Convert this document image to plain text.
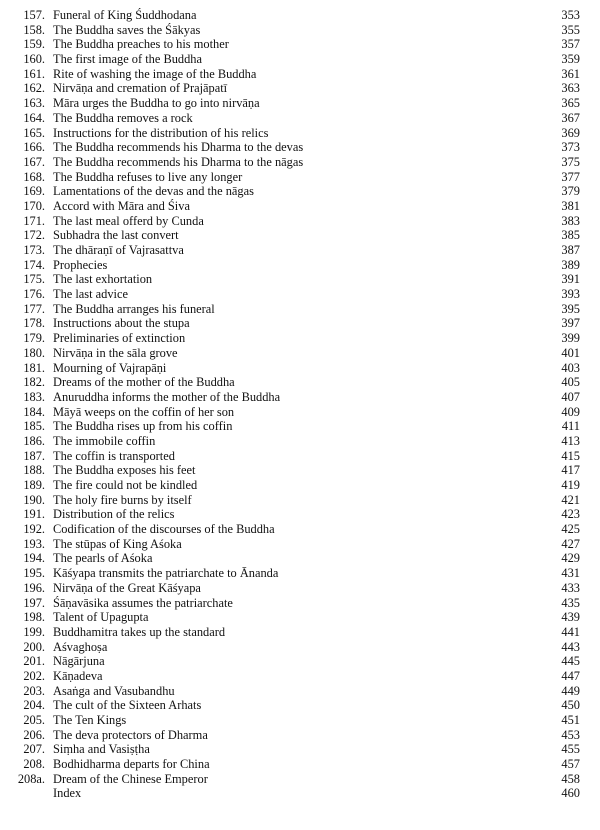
157. Funeral of King Śuddhodana	353
158. The Buddha saves the Śākyas	355
159. The Buddha preaches to his mother	357
160. The first image of the Buddha	359
161. Rite of washing the image of the Buddha	361
162. Nirvāṇa and cremation of Prajāpatī	363
163. Māra urges the Buddha to go into nirvāṇa	365
164. The Buddha removes a rock	367
165. Instructions for the distribution of his relics	369
166. The Buddha recommends his Dharma to the devas	373
167. The Buddha recommends his Dharma to the nāgas	375
168. The Buddha refuses to live any longer	377
169. Lamentations of the devas and the nāgas	379
170. Accord with Māra and Śiva	381
171. The last meal offerd by Cunda	383
172. Subhadra the last convert	385
173. The dhāraṇī of Vajrasattva	387
174. Prophecies	389
175. The last exhortation	391
176. The last advice	393
177. The Buddha arranges his funeral	395
178. Instructions about the stupa	397
179. Preliminaries of extinction	399
180. Nirvāṇa in the sāla grove	401
181. Mourning of Vajrapāṇi	403
182. Dreams of the mother of the Buddha	405
183. Anuruddha informs the mother of the Buddha	407
184. Māyā weeps on the coffin of her son	409
185. The Buddha rises up from his coffin	411
186. The immobile coffin	413
187. The coffin is transported	415
188. The Buddha exposes his feet	417
189. The fire could not be kindled	419
190. The holy fire burns by itself	421
191. Distribution of the relics	423
192. Codification of the discourses of the Buddha	425
193. The stūpas of King Aśoka	427
194. The pearls of Aśoka	429
195. Kāśyapa transmits the patriarchate to Ānanda	431
196. Nirvāṇa of the Great Kāśyapa	433
197. Śāṇavāsika assumes the patriarchate	435
198. Talent of Upagupta	439
199. Buddhamitra takes up the standard	441
200. Aśvaghoṣa	443
201. Nāgārjuna	445
202. Kāṇadeva	447
203. Asaṅga and Vasubandhu	449
204. The cult of the Sixteen Arhats	450
205. The Ten Kings	451
206. The deva protectors of Dharma	453
207. Siṃha and Vasiṣṭha	455
208. Bodhidharma departs for China	457
208a. Dream of the Chinese Emperor	458
Index	460
